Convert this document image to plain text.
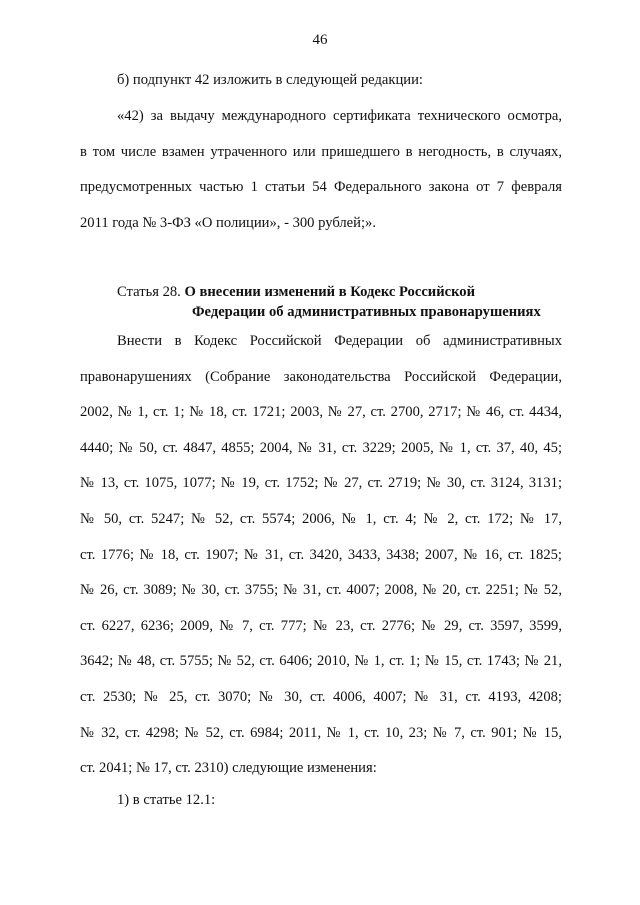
46
б) подпункт 42 изложить в следующей редакции:
«42) за выдачу международного сертификата технического осмотра,
в том числе взамен утраченного или пришедшего в негодность, в случаях,
предусмотренных частью 1 статьи 54 Федерального закона от 7 февраля
2011 года № 3-ФЗ «О полиции», - 300 рублей;».
Статья 28. О внесении изменений в Кодекс Российской
Федерации об административных правонарушениях
Внести в Кодекс Российской Федерации об административных
правонарушениях (Собрание законодательства Российской Федерации,
2002, № 1, ст. 1; № 18, ст. 1721; 2003, № 27, ст. 2700, 2717; № 46, ст. 4434,
4440; № 50, ст. 4847, 4855; 2004, № 31, ст. 3229; 2005, № 1, ст. 37, 40, 45;
№ 13, ст. 1075, 1077; № 19, ст. 1752; № 27, ст. 2719; № 30, ст. 3124, 3131;
№ 50, ст. 5247; № 52, ст. 5574; 2006, № 1, ст. 4; № 2, ст. 172; № 17,
ст. 1776; № 18, ст. 1907; № 31, ст. 3420, 3433, 3438; 2007, № 16, ст. 1825;
№ 26, ст. 3089; № 30, ст. 3755; № 31, ст. 4007; 2008, № 20, ст. 2251; № 52,
ст. 6227, 6236; 2009, № 7, ст. 777; № 23, ст. 2776; № 29, ст. 3597, 3599,
3642; № 48, ст. 5755; № 52, ст. 6406; 2010, № 1, ст. 1; № 15, ст. 1743; № 21,
ст. 2530; № 25, ст. 3070; № 30, ст. 4006, 4007; № 31, ст. 4193, 4208;
№ 32, ст. 4298; № 52, ст. 6984; 2011, № 1, ст. 10, 23; № 7, ст. 901; № 15,
ст. 2041; № 17, ст. 2310) следующие изменения:
1) в статье 12.1:
